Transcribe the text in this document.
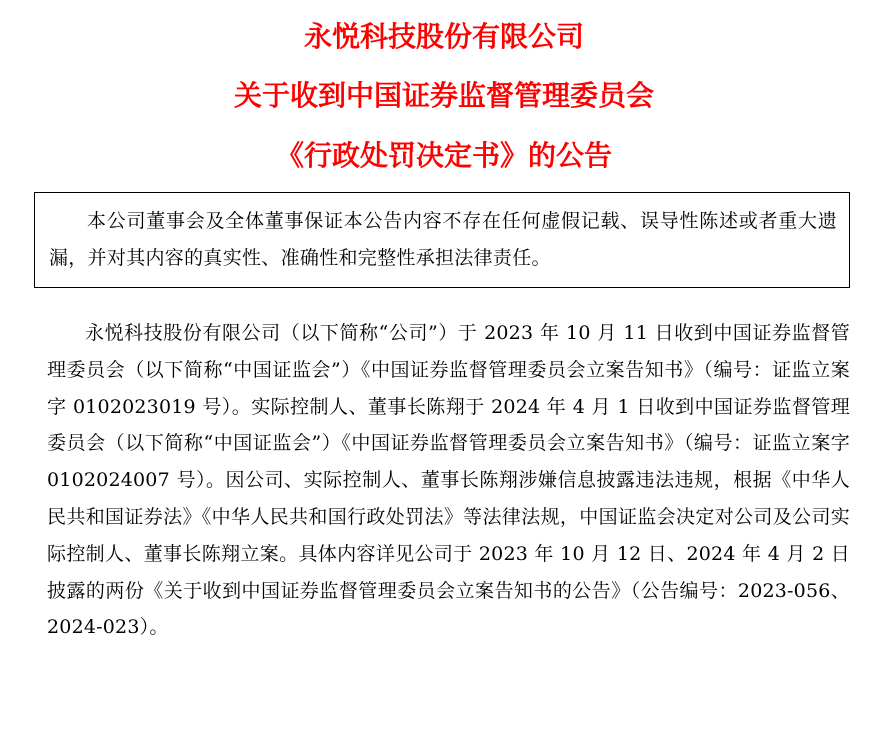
永悦科技股份有限公司
关于收到中国证券监督管理委员会
《行政处罚决定书》的公告

本公司董事会及全体董事保证本公告内容不存在任何虚假记载、误导性陈述或者重大遗漏，并对其内容的真实性、准确性和完整性承担法律责任。

永悦科技股份有限公司（以下简称“公司”）于 2023 年 10 月 11 日收到中国证券监督管理委员会（以下简称“中国证监会”）《中国证券监督管理委员会立案告知书》（编号：证监立案字 0102023019 号）。实际控制人、董事长陈翔于 2024 年 4 月 1 日收到中国证券监督管理委员会（以下简称“中国证监会”）《中国证券监督管理委员会立案告知书》（编号：证监立案字 0102024007 号）。因公司、实际控制人、董事长陈翔涉嫌信息披露违法违规，根据《中华人民共和国证券法》《中华人民共和国行政处罚法》等法律法规，中国证监会决定对公司及公司实际控制人、董事长陈翔立案。具体内容详见公司于 2023 年 10 月 12 日、2024 年 4 月 2 日披露的两份《关于收到中国证券监督管理委员会立案告知书的公告》（公告编号：2023-056、2024-023）。
